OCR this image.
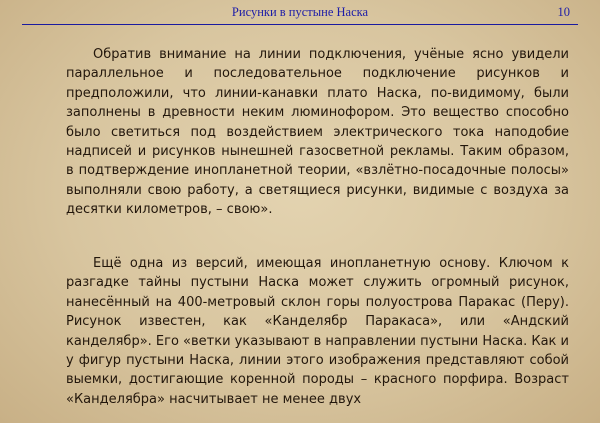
Рисунки в пустыне Наска	10
Обратив внимание на линии подключения, учёные ясно увидели параллельное и последовательное подключение рисунков и предположили, что линии-канавки плато Наска, по-видимому, были заполнены в древности неким люминофором. Это вещество способно было светиться под воздействием электрического тока наподобие надписей и рисунков нынешней газосветной рекламы. Таким образом, в подтверждение инопланетной теории, «взлётно-посадочные полосы» выполняли свою работу, а светящиеся рисунки, видимые с воздуха за десятки километров, – свою».
Ещё одна из версий, имеющая инопланетную основу. Ключом к разгадке тайны пустыни Наска может служить огромный рисунок, нанесённый на 400-метровый склон горы полуострова Паракас (Перу). Рисунок известен, как «Канделябр Паракаса», или «Андский канделябр». Его «ветки указывают в направлении пустыни Наска. Как и у фигур пустыни Наска, линии этого изображения представляют собой выемки, достигающие коренной породы – красного порфира. Возраст «Канделябра» насчитывает не менее двух
